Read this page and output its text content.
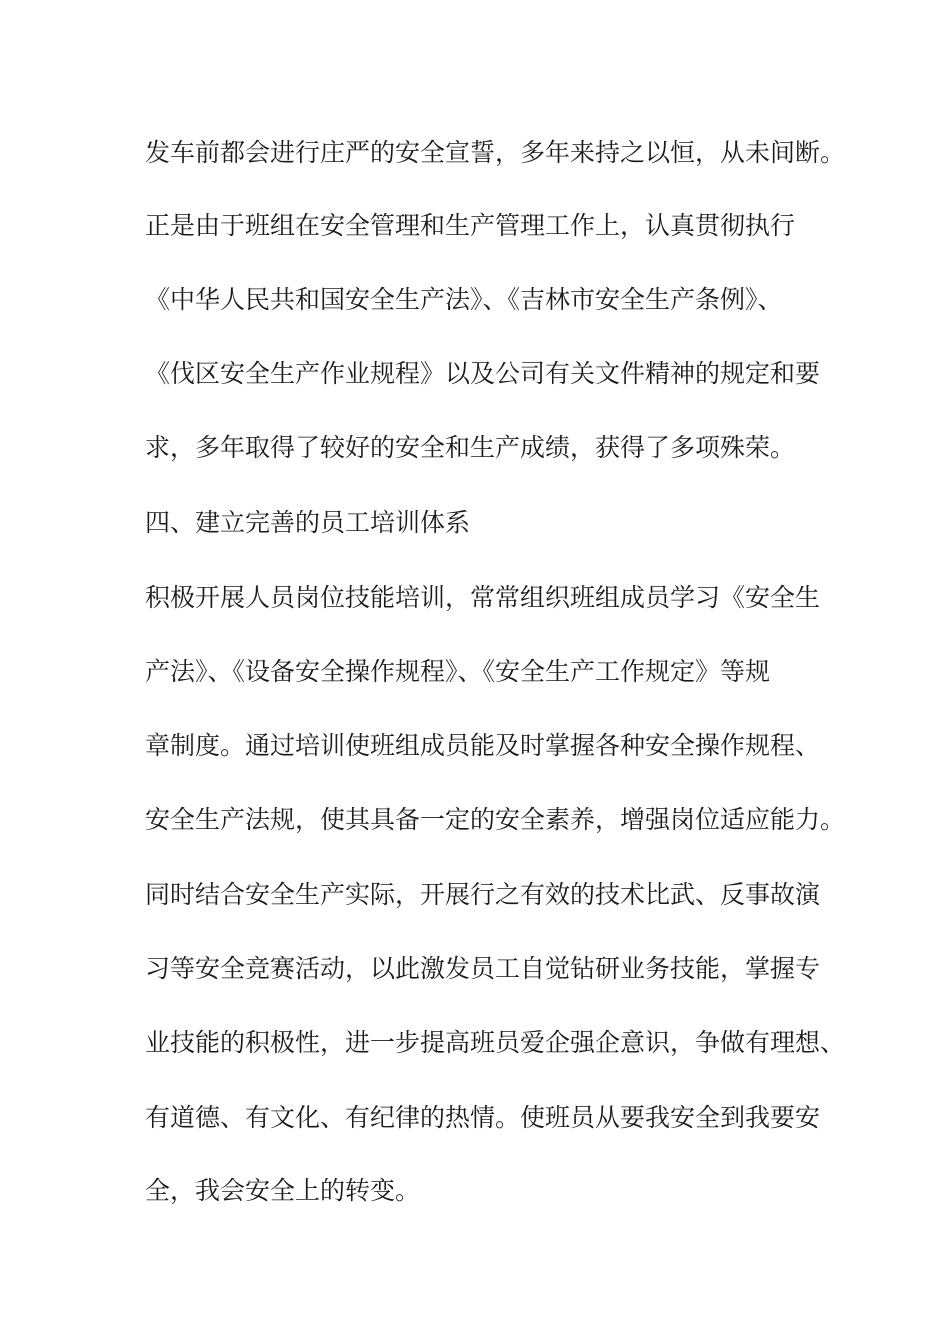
发车前都会进行庄严的安全宣誓，多年来持之以恒，从未间断。
正是由于班组在安全管理和生产管理工作上，认真贯彻执行
《中华人民共和国安全生产法》、《吉林市安全生产条例》、
《伐区安全生产作业规程》以及公司有关文件精神的规定和要
求，多年取得了较好的安全和生产成绩，获得了多项殊荣。
四、建立完善的员工培训体系
积极开展人员岗位技能培训，常常组织班组成员学习《安全生
产法》、《设备安全操作规程》、《安全生产工作规定》等规
章制度。通过培训使班组成员能及时掌握各种安全操作规程、
安全生产法规，使其具备一定的安全素养，增强岗位适应能力。
同时结合安全生产实际，开展行之有效的技术比武、反事故演
习等安全竞赛活动，以此激发员工自觉钻研业务技能，掌握专
业技能的积极性，进一步提高班员爱企强企意识，争做有理想、
有道德、有文化、有纪律的热情。使班员从要我安全到我要安
全，我会安全上的转变。
